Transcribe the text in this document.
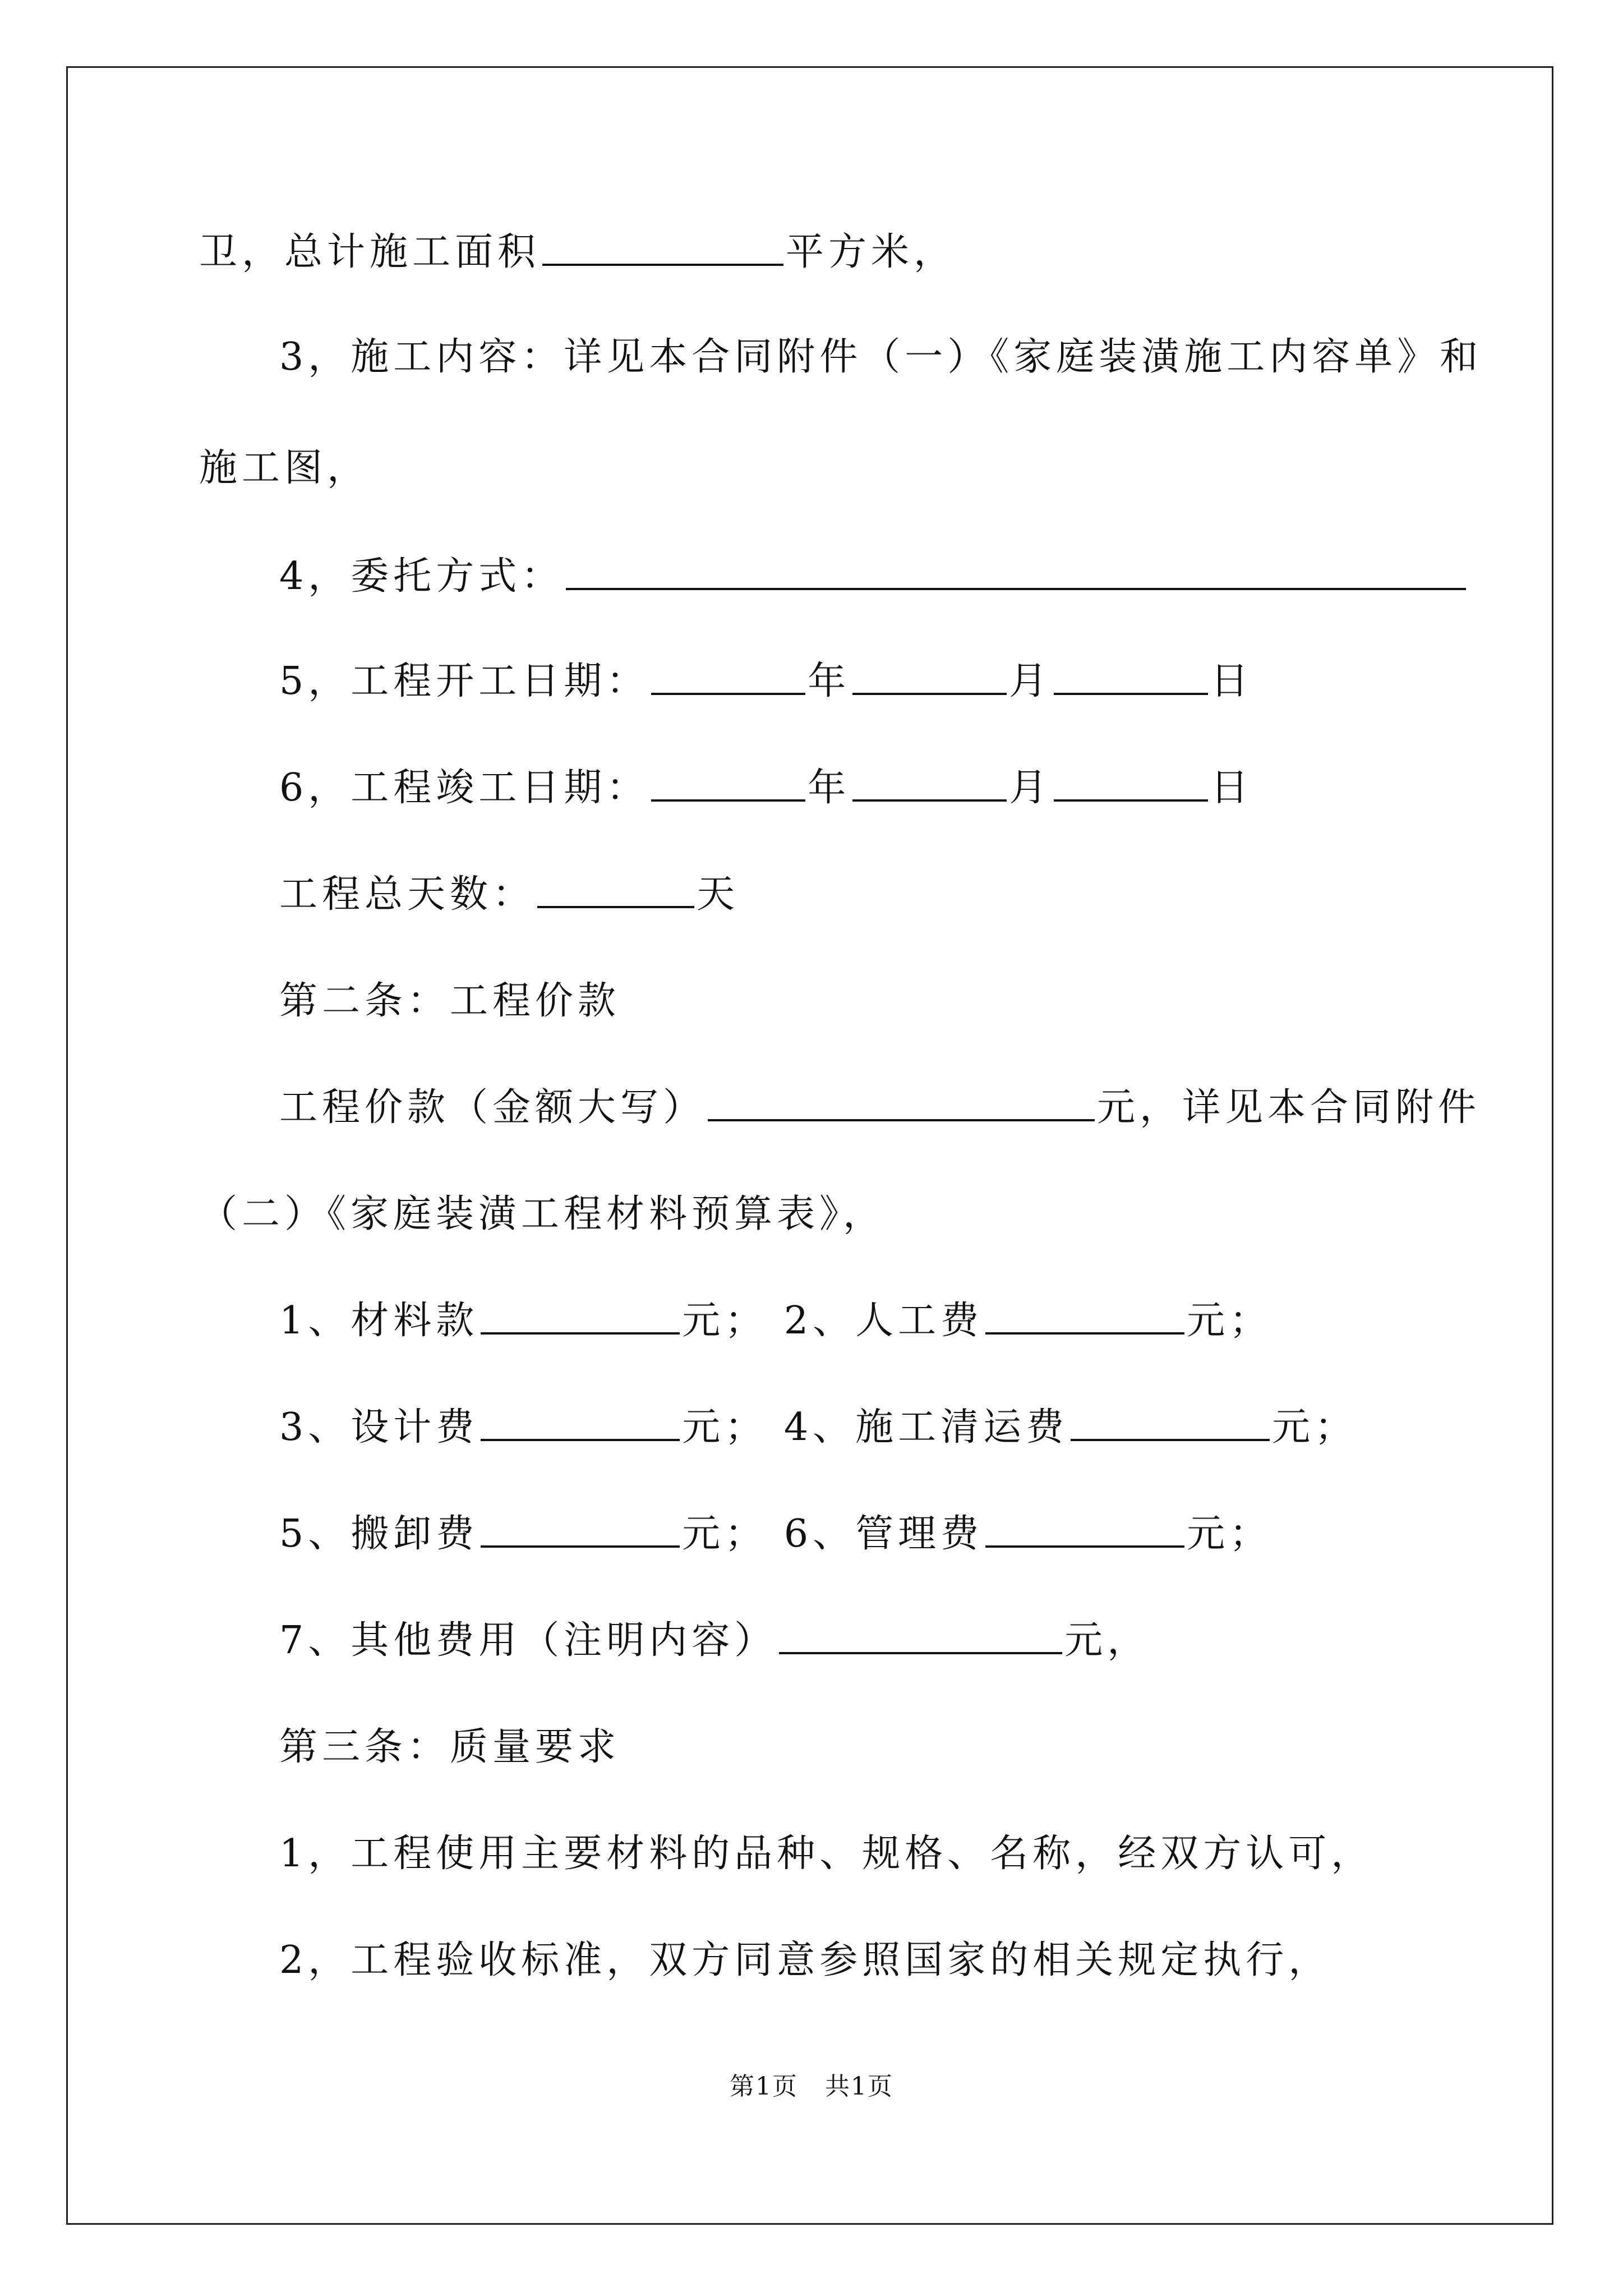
卫，总计施工面积	平方米，
3，施工内容：详见本合同附件（一）《家庭装潢施工内容单》和
施工图，
4，委托方式：
5，工程开工日期：	年	月	日
6，工程竣工日期：	年	月	日
工程总天数：	天
第二条：工程价款
工程价款（金额大写）	元，详见本合同附件
（二）《家庭装潢工程材料预算表》，
1、材料款	元； 2、人工费	元；
3、设计费	元； 4、施工清运费	元；
5、搬卸费	元； 6、管理费	元；
7、其他费用（注明内容）	元，
第三条：质量要求
1，工程使用主要材料的品种、规格、名称，经双方认可，
2，工程验收标准，双方同意参照国家的相关规定执行，
第1页 共1页
